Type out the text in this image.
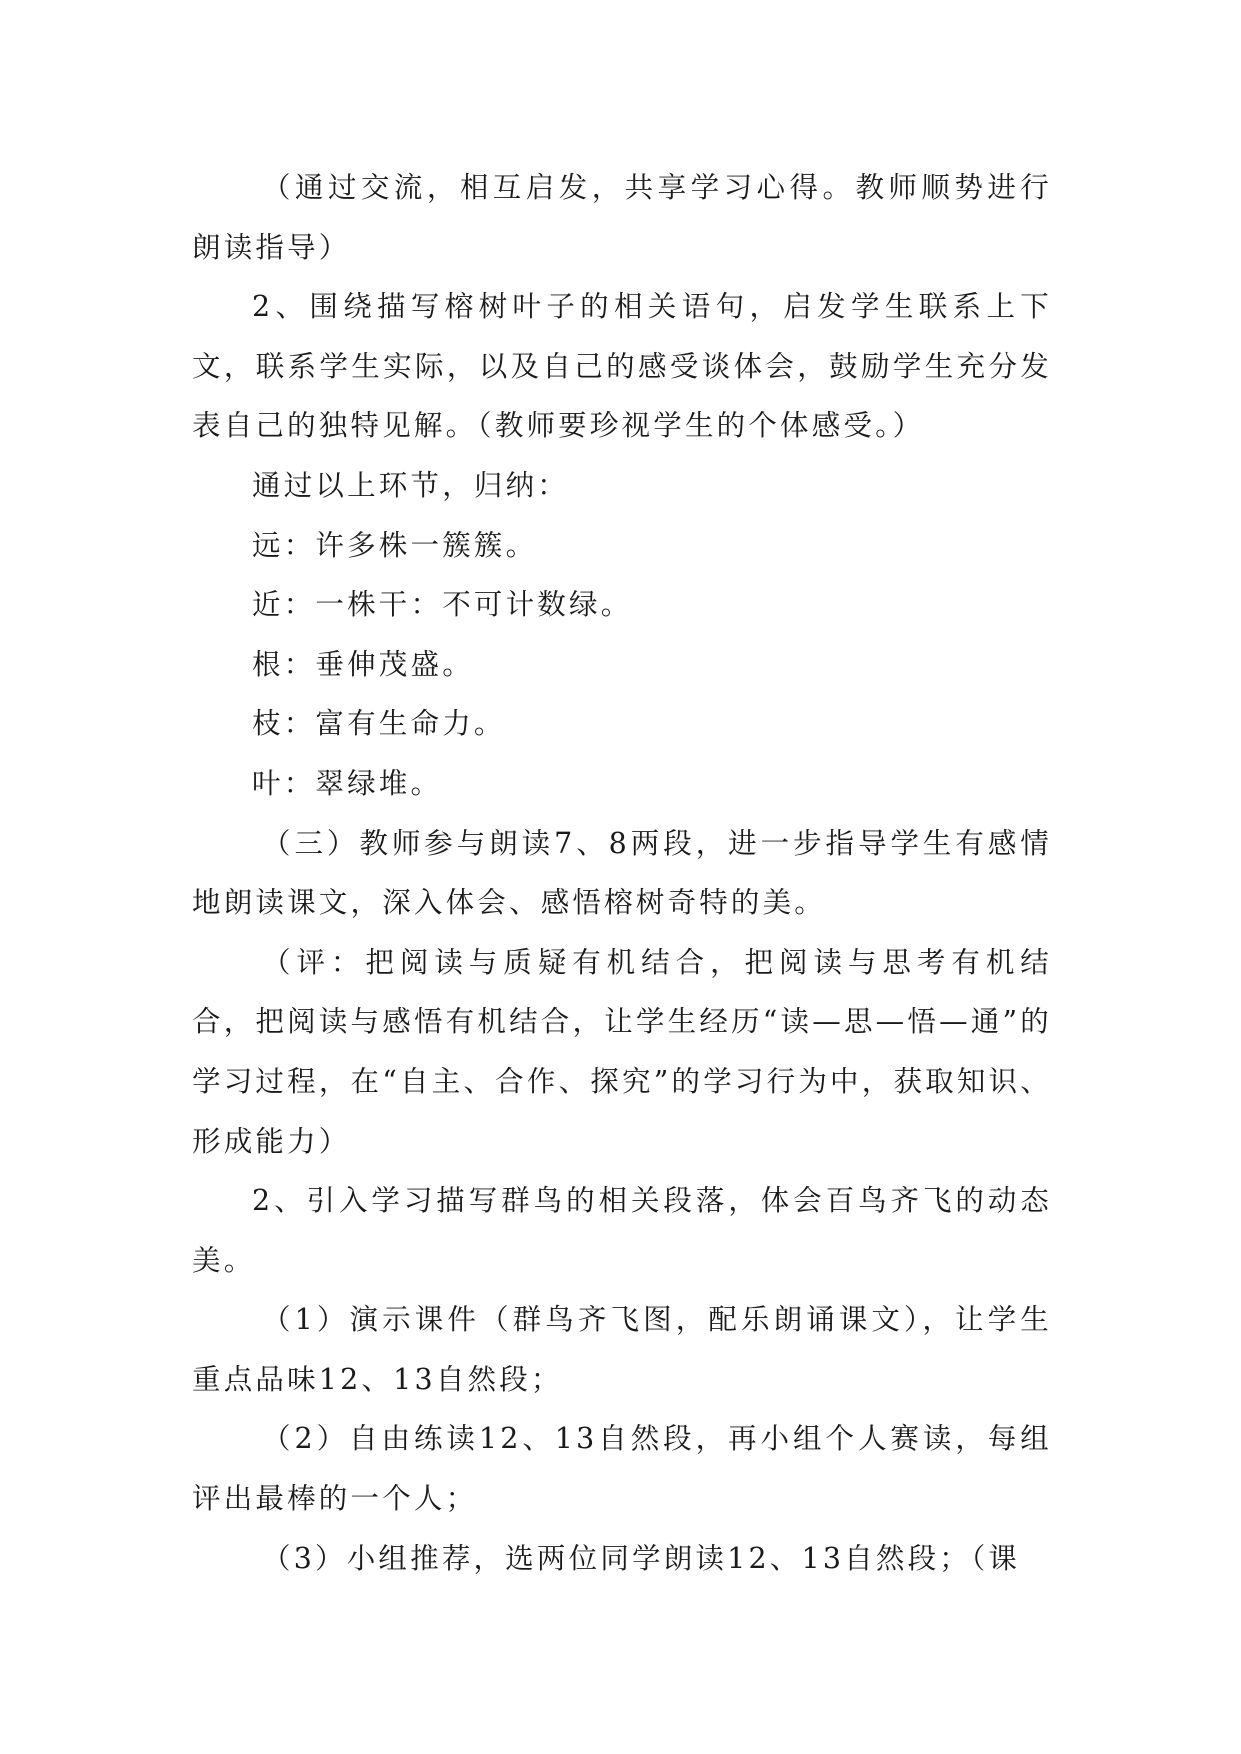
（通过交流，相互启发，共享学习心得。教师顺势进行朗读指导）

2、围绕描写榕树叶子的相关语句，启发学生联系上下文，联系学生实际，以及自己的感受谈体会，鼓励学生充分发表自己的独特见解。（教师要珍视学生的个体感受。）

通过以上环节，归纳：

远：许多株一簇簇。

近：一株干：不可计数绿。

根：垂伸茂盛。

枝：富有生命力。

叶：翠绿堆。

（三）教师参与朗读7、8两段，进一步指导学生有感情地朗读课文，深入体会、感悟榕树奇特的美。

（评：把阅读与质疑有机结合，把阅读与思考有机结合，把阅读与感悟有机结合，让学生经历“读—思—悟—通”的学习过程，在“自主、合作、探究”的学习行为中，获取知识、形成能力）

2、引入学习描写群鸟的相关段落，体会百鸟齐飞的动态美。

（1）演示课件（群鸟齐飞图，配乐朗诵课文），让学生重点品味12、13自然段；

（2）自由练读12、13自然段，再小组个人赛读，每组评出最棒的一个人；

（3）小组推荐，选两位同学朗读12、13自然段；（课
